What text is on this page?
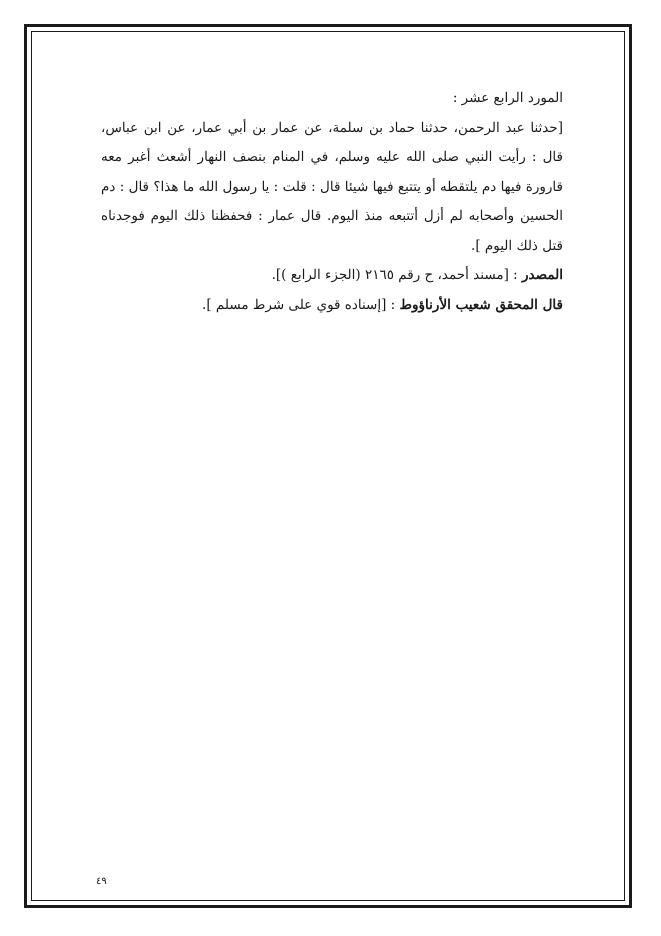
المورد الرابع عشر :

[حدثنا عبد الرحمن، حدثنا حماد بن سلمة، عن عمار بن أبي عمار، عن ابن عباس، قال : رأيت النبي صلى الله عليه وسلم، في المنام بنصف النهار أشعث أغبر معه قارورة فيها دم يلتقطه أو يتتبع فيها شيئا قال : قلت : يا رسول الله ما هذا؟ قال : دم الحسين وأصحابه لم أزل أتتبعه منذ اليوم. قال عمار : فحفظنا ذلك اليوم فوجدناه قتل ذلك اليوم ].

المصدر : [مسند أحمد، ح رقم ٢١٦٥ (الجزء الرابع )].

قال المحقق شعيب الأرناؤوط : [إسناده قوي على شرط مسلم ].

٤٩
